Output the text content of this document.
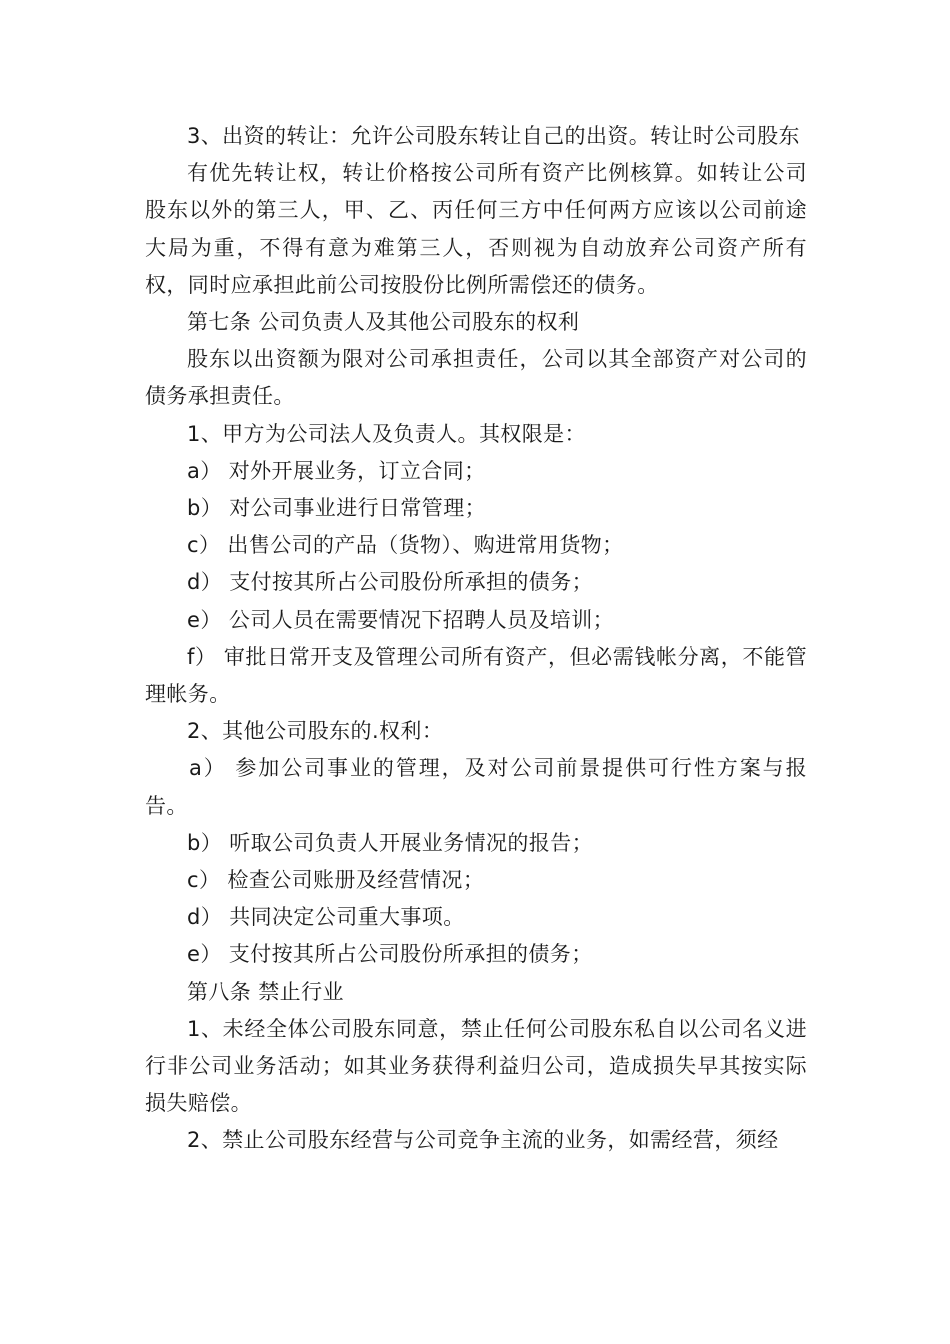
3、出资的转让：允许公司股东转让自己的出资。转让时公司股东

有优先转让权，转让价格按公司所有资产比例核算。如转让公司股东以外的第三人，甲、乙、丙任何三方中任何两方应该以公司前途大局为重，不得有意为难第三人，否则视为自动放弃公司资产所有权，同时应承担此前公司按股份比例所需偿还的债务。

第七条 公司负责人及其他公司股东的权利

股东以出资额为限对公司承担责任，公司以其全部资产对公司的债务承担责任。

1、甲方为公司法人及负责人。其权限是：

a） 对外开展业务，订立合同；

b） 对公司事业进行日常管理；

c） 出售公司的产品（货物）、购进常用货物；

d） 支付按其所占公司股份所承担的债务；

e） 公司人员在需要情况下招聘人员及培训；

f） 审批日常开支及管理公司所有资产，但必需钱帐分离，不能管理帐务。

2、其他公司股东的.权利：

a） 参加公司事业的管理，及对公司前景提供可行性方案与报告。

b） 听取公司负责人开展业务情况的报告；

c） 检查公司账册及经营情况；

d） 共同决定公司重大事项。

e） 支付按其所占公司股份所承担的债务；

第八条 禁止行业

1、未经全体公司股东同意，禁止任何公司股东私自以公司名义进行非公司业务活动；如其业务获得利益归公司，造成损失早其按实际损失赔偿。

2、禁止公司股东经营与公司竞争主流的业务，如需经营，须经
